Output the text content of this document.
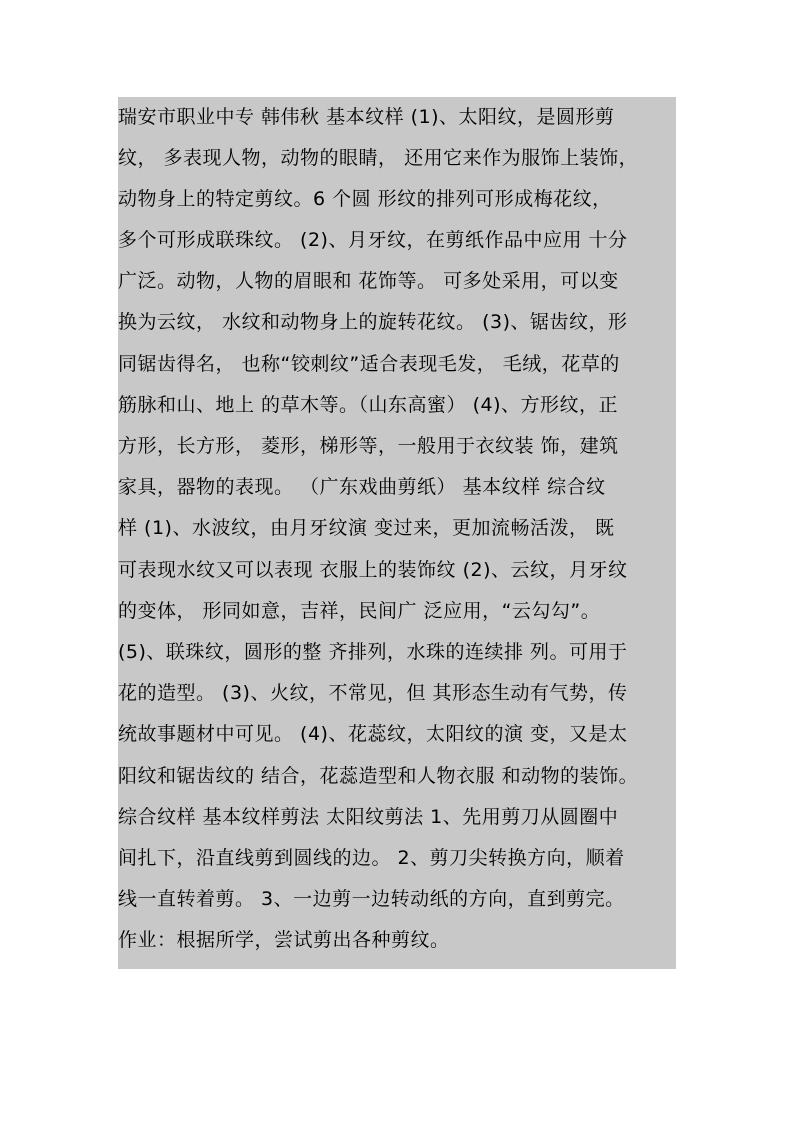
瑞安市职业中专 韩伟秋 基本纹样 (1)、太阳纹，是圆形剪
纹， 多表现人物，动物的眼睛， 还用它来作为服饰上装饰，
动物身上的特定剪纹。6 个圆 形纹的排列可形成梅花纹，
多个可形成联珠纹。 (2)、月牙纹，在剪纸作品中应用 十分
广泛。动物，人物的眉眼和 花饰等。 可多处采用，可以变
换为云纹， 水纹和动物身上的旋转花纹。 (3)、锯齿纹，形
同锯齿得名， 也称“铰刺纹”适合表现毛发， 毛绒，花草的
筋脉和山、地上 的草木等。（山东高蜜） (4)、方形纹，正
方形，长方形， 菱形，梯形等，一般用于衣纹装 饰，建筑
家具，器物的表现。 （广东戏曲剪纸） 基本纹样 综合纹
样 (1)、水波纹，由月牙纹演 变过来，更加流畅活泼， 既
可表现水纹又可以表现 衣服上的装饰纹 (2)、云纹，月牙纹
的变体， 形同如意，吉祥，民间广 泛应用，“云勾勾”。
(5)、联珠纹，圆形的整 齐排列，水珠的连续排 列。可用于
花的造型。 (3)、火纹，不常见，但 其形态生动有气势，传
统故事题材中可见。 (4)、花蕊纹，太阳纹的演 变，又是太
阳纹和锯齿纹的 结合，花蕊造型和人物衣服 和动物的装饰。
综合纹样 基本纹样剪法 太阳纹剪法 1、先用剪刀从圆圈中
间扎下，沿直线剪到圆线的边。 2、剪刀尖转换方向，顺着
线一直转着剪。 3、一边剪一边转动纸的方向，直到剪完。
作业：根据所学，尝试剪出各种剪纹。
